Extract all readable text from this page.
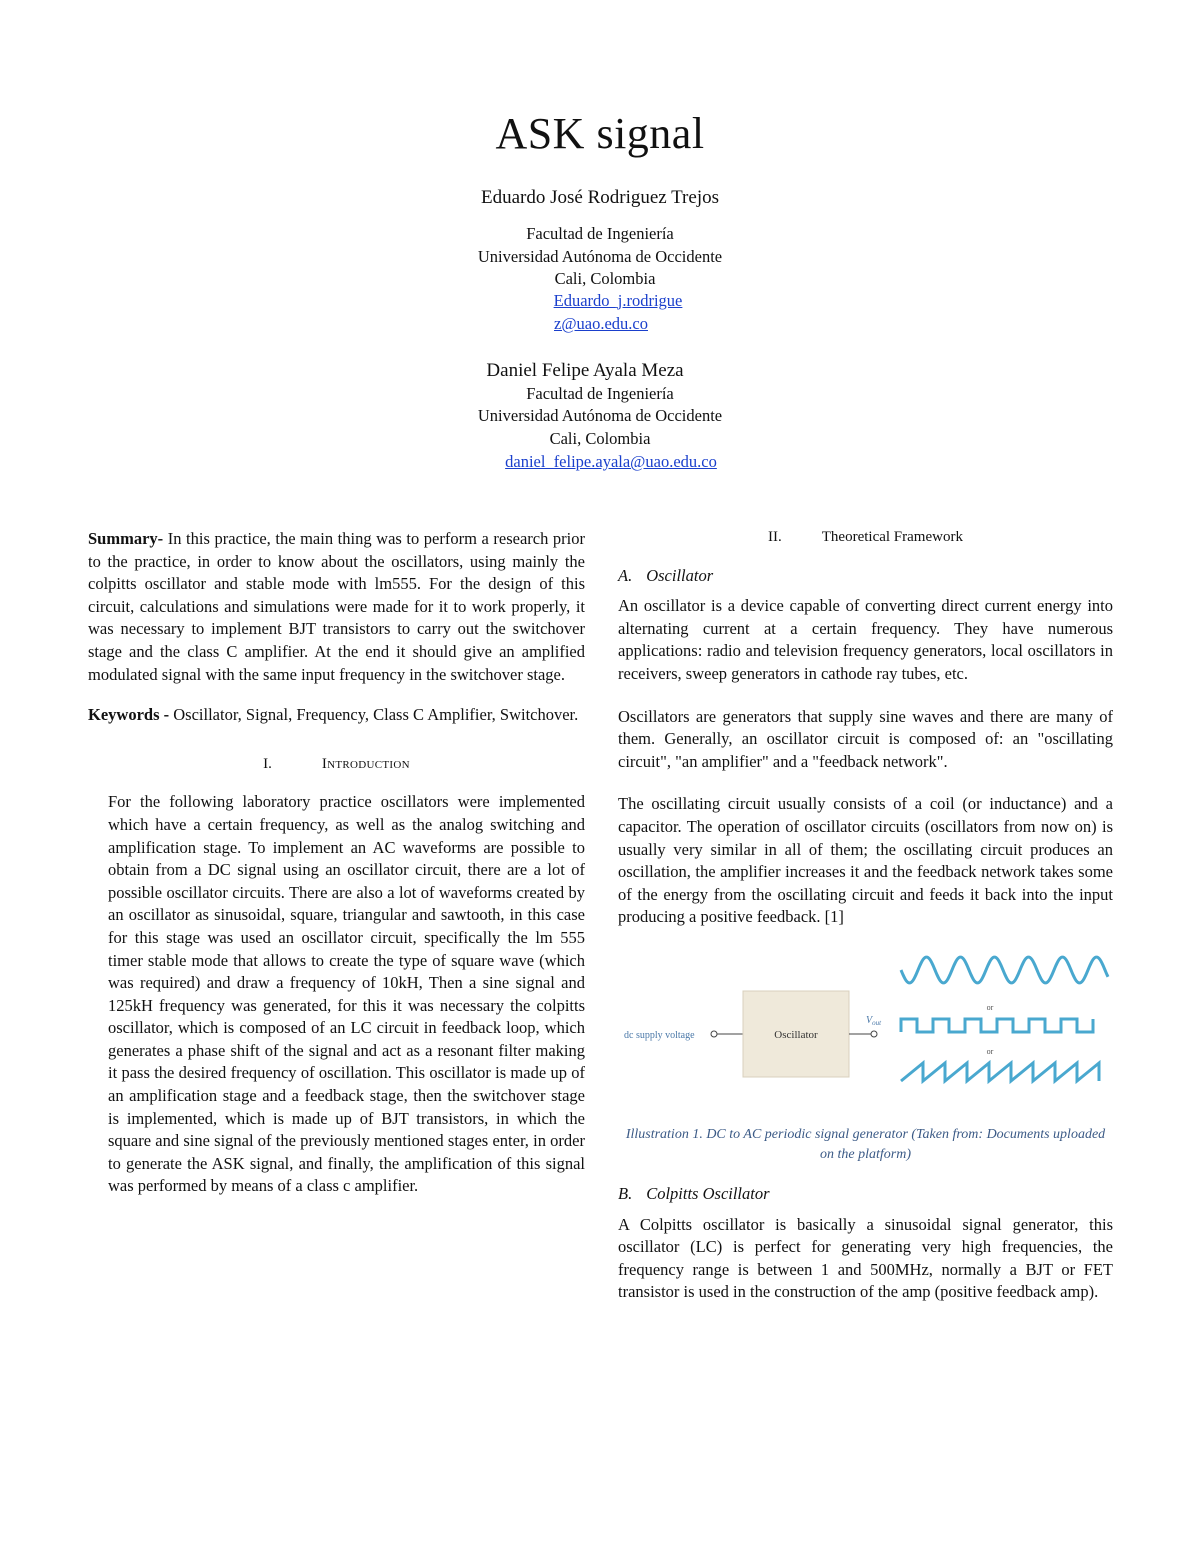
ASK signal
Eduardo José Rodriguez Trejos
Facultad de Ingeniería
Universidad Autónoma de Occidente
Cali, Colombia
Eduardo_j.rodrigue
z@uao.edu.co
Daniel Felipe Ayala Meza
Facultad de Ingeniería
Universidad Autónoma de Occidente
Cali, Colombia
daniel_felipe.ayala@uao.edu.co

Summary- In this practice, the main thing was to perform a research prior to the practice, in order to know about the oscillators, using mainly the colpitts oscillator and stable mode with lm555. For the design of this circuit, calculations and simulations were made for it to work properly, it was necessary to implement BJT transistors to carry out the switchover stage and the class C amplifier. At the end it should give an amplified modulated signal with the same input frequency in the switchover stage.

Keywords - Oscillator, Signal, Frequency, Class C Amplifier, Switchover.

I.	Introduction

For the following laboratory practice oscillators were implemented which have a certain frequency, as well as the analog switching and amplification stage. To implement an AC waveforms are possible to obtain from a DC signal using an oscillator circuit, there are a lot of possible oscillator circuits. There are also a lot of waveforms created by an oscillator as sinusoidal, square, triangular and sawtooth, in this case for this stage was used an oscillator circuit, specifically the lm 555 timer stable mode that allows to create the type of square wave (which was required) and draw a frequency of 10kH, Then a sine signal and 125kH frequency was generated, for this it was necessary the colpitts oscillator, which is composed of an LC circuit in feedback loop, which generates a phase shift of the signal and act as a resonant filter making it pass the desired frequency of oscillation. This oscillator is made up of an amplification stage and a feedback stage, then the switchover stage is implemented, which is made up of BJT transistors, in which the square and sine signal of the previously mentioned stages enter, in order to generate the ASK signal, and finally, the amplification of this signal was performed by means of a class c amplifier.

II.	Theoretical Framework

A. Oscillator

An oscillator is a device capable of converting direct current energy into alternating current at a certain frequency. They have numerous applications: radio and television frequency generators, local oscillators in receivers, sweep generators in cathode ray tubes, etc.

Oscillators are generators that supply sine waves and there are many of them. Generally, an oscillator circuit is composed of: an "oscillating circuit", "an amplifier" and a "feedback network".

The oscillating circuit usually consists of a coil (or inductance) and a capacitor. The operation of oscillator circuits (oscillators from now on) is usually very similar in all of them; the oscillating circuit produces an oscillation, the amplifier increases it and the feedback network takes some of the energy from the oscillating circuit and feeds it back into the input producing a positive feedback. [1]

dc supply voltage	Oscillator
$V_{out}$
or
or

Illustration 1. DC to AC periodic signal generator (Taken from: Documents uploaded on the platform)

B. Colpitts Oscillator

A Colpitts oscillator is basically a sinusoidal signal generator, this oscillator (LC) is perfect for generating very high frequencies, the frequency range is between 1 and 500MHz, normally a BJT or FET transistor is used in the construction of the amp (positive feedback amp).
